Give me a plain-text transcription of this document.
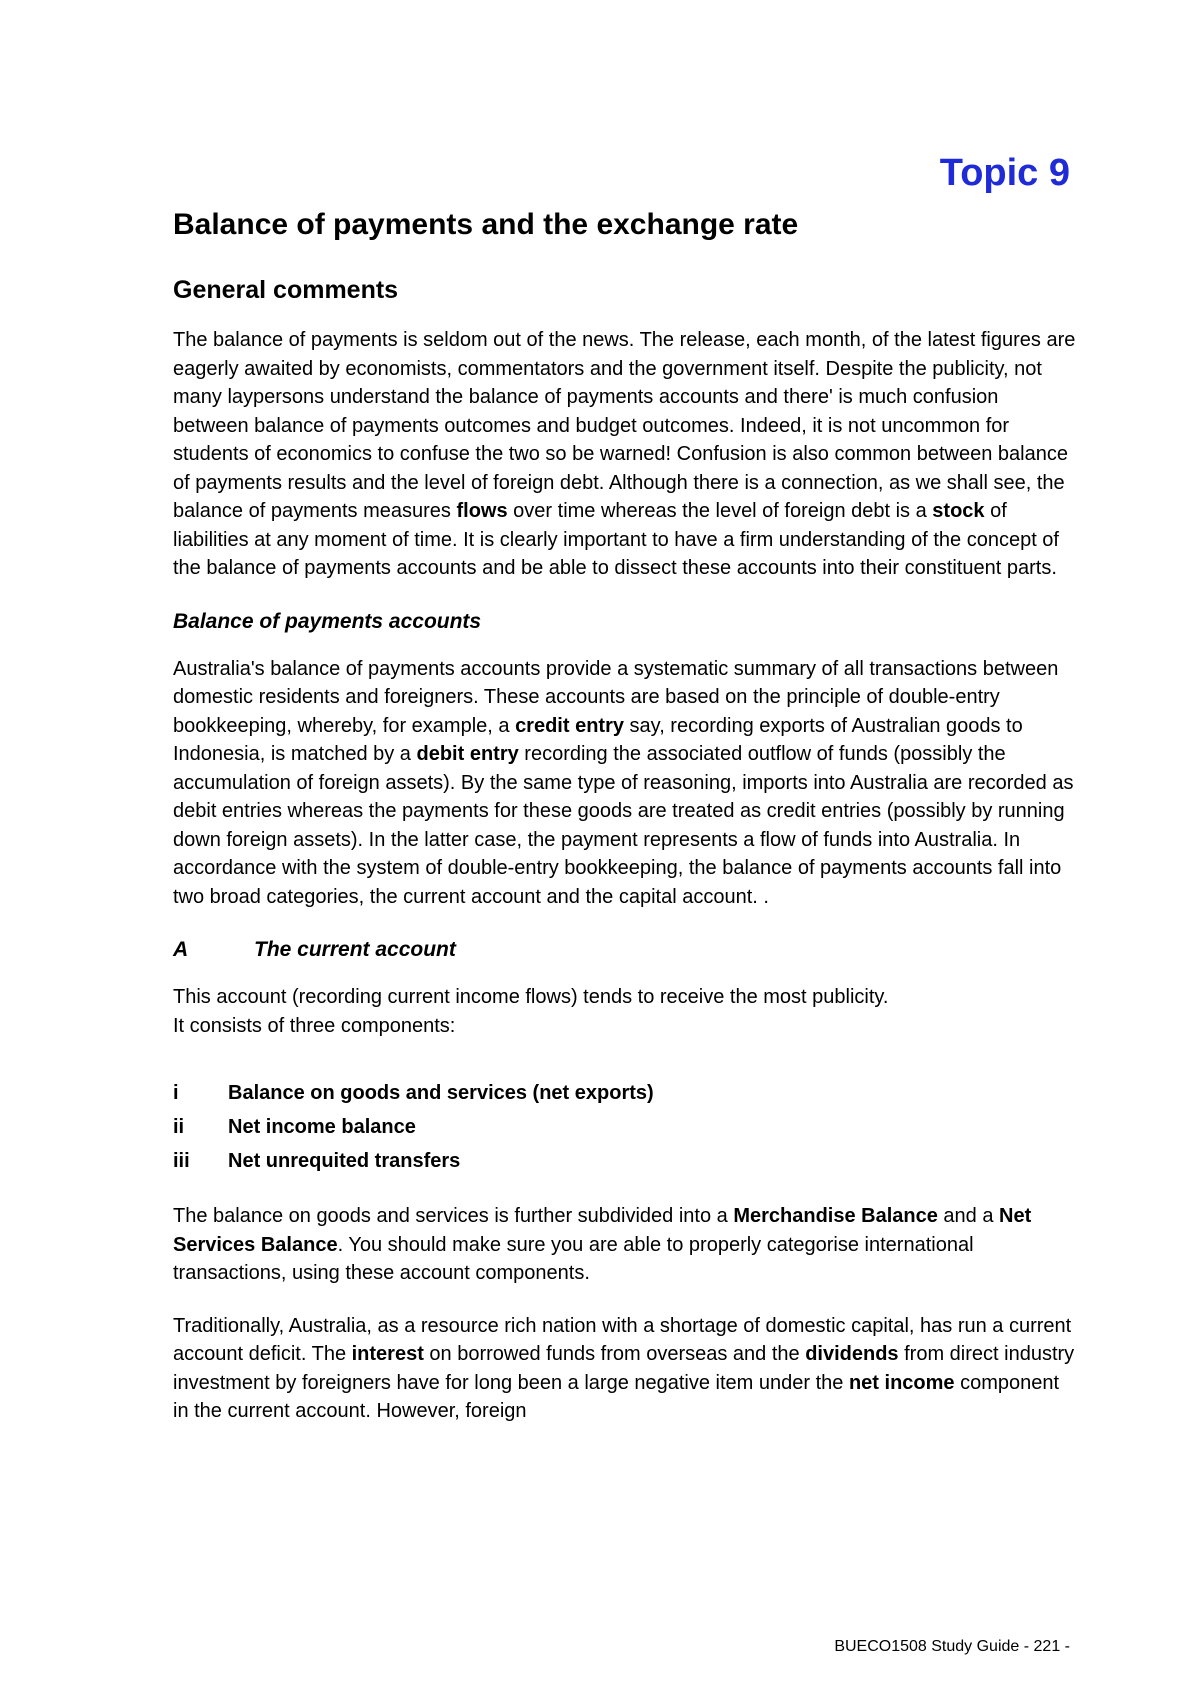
Topic 9
Balance of payments and the exchange rate
General comments

The balance of payments is seldom out of the news. The release, each month, of the latest figures are eagerly awaited by economists, commentators and the government itself. Despite the publicity, not many laypersons understand the balance of payments accounts and there' is much confusion between balance of payments outcomes and budget outcomes. Indeed, it is not uncommon for students of economics to confuse the two so be warned! Confusion is also common between balance of payments results and the level of foreign debt. Although there is a connection, as we shall see, the balance of payments measures flows over time whereas the level of foreign debt is a stock of liabilities at any moment of time. It is clearly important to have a firm understanding of the concept of the balance of payments accounts and be able to dissect these accounts into their constituent parts.

Balance of payments accounts

Australia's balance of payments accounts provide a systematic summary of all transactions between domestic residents and foreigners. These accounts are based on the principle of double-entry bookkeeping, whereby, for example, a credit entry say, recording exports of Australian goods to Indonesia, is matched by a debit entry recording the associated outflow of funds (possibly the accumulation of foreign assets). By the same type of reasoning, imports into Australia are recorded as debit entries whereas the payments for these goods are treated as credit entries (possibly by running down foreign assets). In the latter case, the payment represents a flow of funds into Australia. In accordance with the system of double-entry bookkeeping, the balance of payments accounts fall into two broad categories, the current account and the capital account. .

A	The current account

This account (recording current income flows) tends to receive the most publicity.
It consists of three components:

i	Balance on goods and services (net exports)
ii	Net income balance
iii	Net unrequited transfers

The balance on goods and services is further subdivided into a Merchandise Balance and a Net Services Balance. You should make sure you are able to properly categorise international transactions, using these account components.

Traditionally, Australia, as a resource rich nation with a shortage of domestic capital, has run a current account deficit. The interest on borrowed funds from overseas and the dividends from direct industry investment by foreigners have for long been a large negative item under the net income component in the current account. However, foreign

BUECO1508 Study Guide - 221 -
